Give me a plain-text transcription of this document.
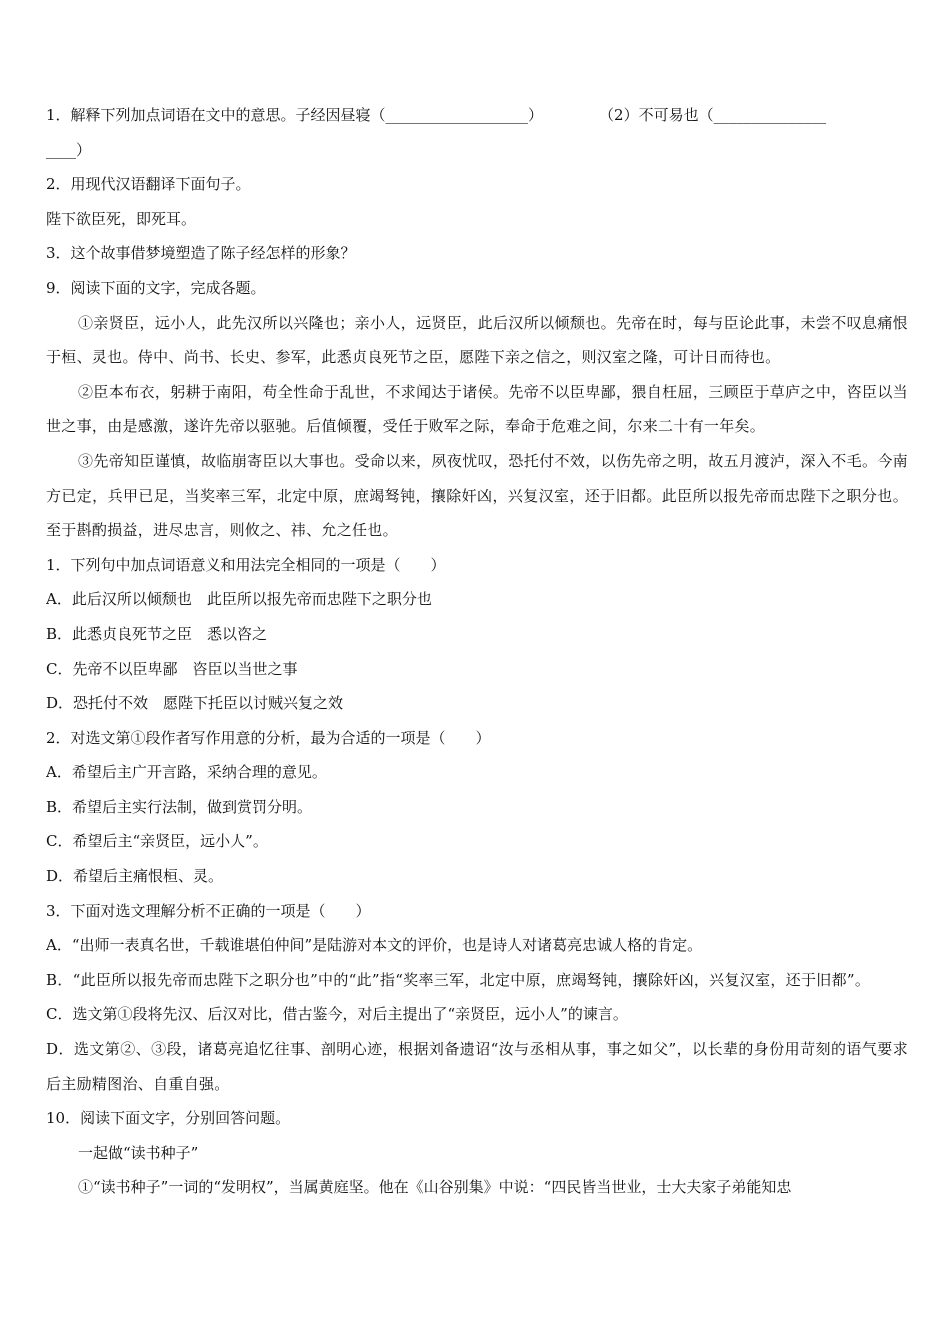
1．解释下列加点词语在文中的意思。子经因昼寝（___________________）	（2）不可易也（_______________
____）
2．用现代汉语翻译下面句子。
陛下欲臣死，即死耳。
3．这个故事借梦境塑造了陈子经怎样的形象？
9．阅读下面的文字，完成各题。
①亲贤臣，远小人，此先汉所以兴隆也；亲小人，远贤臣，此后汉所以倾颓也。先帝在时，每与臣论此事，未尝不叹息痛恨于桓、灵也。侍中、尚书、长史、参军，此悉贞良死节之臣，愿陛下亲之信之，则汉室之隆，可计日而待也。
②臣本布衣，躬耕于南阳，苟全性命于乱世，不求闻达于诸侯。先帝不以臣卑鄙，猥自枉屈，三顾臣于草庐之中，咨臣以当世之事，由是感激，遂许先帝以驱驰。后值倾覆，受任于败军之际，奉命于危难之间，尔来二十有一年矣。
③先帝知臣谨慎，故临崩寄臣以大事也。受命以来，夙夜忧叹，恐托付不效，以伤先帝之明，故五月渡泸，深入不毛。今南方已定，兵甲已足，当奖率三军，北定中原，庶竭驽钝，攘除奸凶，兴复汉室，还于旧都。此臣所以报先帝而忠陛下之职分也。至于斟酌损益，进尽忠言，则攸之、祎、允之任也。
1．下列句中加点词语意义和用法完全相同的一项是（　　）
A．此后汉所以倾颓也　此臣所以报先帝而忠陛下之职分也
B．此悉贞良死节之臣　悉以咨之
C．先帝不以臣卑鄙　咨臣以当世之事
D．恐托付不效　愿陛下托臣以讨贼兴复之效
2．对选文第①段作者写作用意的分析，最为合适的一项是（　　）
A．希望后主广开言路，采纳合理的意见。
B．希望后主实行法制，做到赏罚分明。
C．希望后主“亲贤臣，远小人”。
D．希望后主痛恨桓、灵。
3．下面对选文理解分析不正确的一项是（　　）
A．“出师一表真名世，千载谁堪伯仲间”是陆游对本文的评价，也是诗人对诸葛亮忠诚人格的肯定。
B．“此臣所以报先帝而忠陛下之职分也”中的“此”指“奖率三军，北定中原，庶竭驽钝，攘除奸凶，兴复汉室，还于旧都”。
C．选文第①段将先汉、后汉对比，借古鉴今，对后主提出了“亲贤臣，远小人”的谏言。
D．选文第②、③段，诸葛亮追忆往事、剖明心迹，根据刘备遗诏“汝与丞相从事，事之如父”，以长辈的身份用苛刻的语气要求后主励精图治、自重自强。
10．阅读下面文字，分别回答问题。
一起做“读书种子”
①“读书种子”一词的“发明权”，当属黄庭坚。他在《山谷别集》中说：“四民皆当世业，士大夫家子弟能知忠
